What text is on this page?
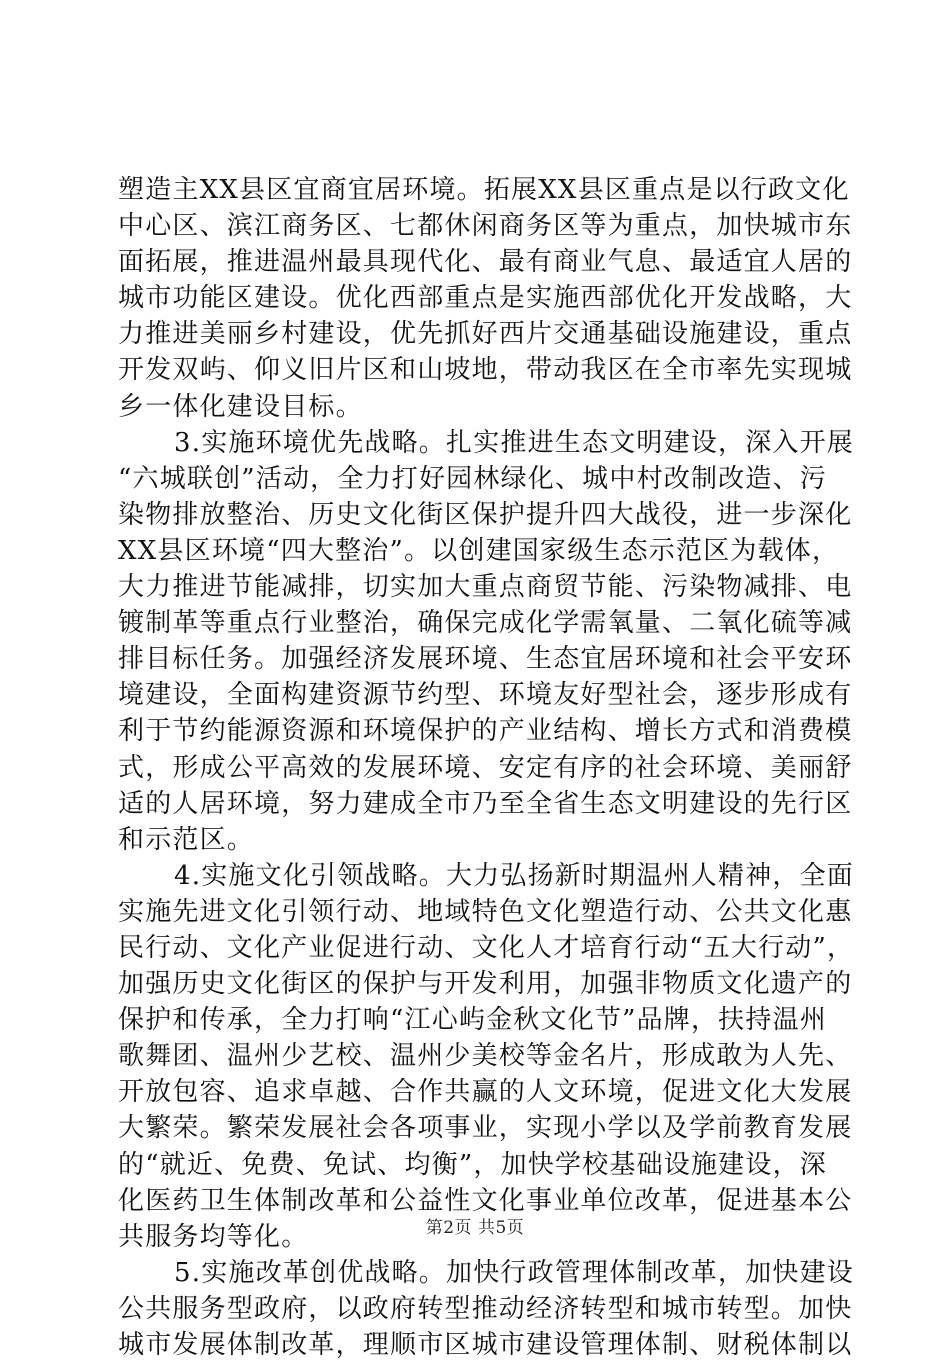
塑造主XX县区宜商宜居环境。拓展XX县区重点是以行政文化
中心区、滨江商务区、七都休闲商务区等为重点，加快城市东
面拓展，推进温州最具现代化、最有商业气息、最适宜人居的
城市功能区建设。优化西部重点是实施西部优化开发战略，大
力推进美丽乡村建设，优先抓好西片交通基础设施建设，重点
开发双屿、仰义旧片区和山坡地，带动我区在全市率先实现城
乡一体化建设目标。
3.实施环境优先战略。扎实推进生态文明建设，深入开展
“六城联创”活动，全力打好园林绿化、城中村改制改造、污
染物排放整治、历史文化街区保护提升四大战役，进一步深化
XX县区环境“四大整治”。以创建国家级生态示范区为载体，
大力推进节能减排，切实加大重点商贸节能、污染物减排、电
镀制革等重点行业整治，确保完成化学需氧量、二氧化硫等减
排目标任务。加强经济发展环境、生态宜居环境和社会平安环
境建设，全面构建资源节约型、环境友好型社会，逐步形成有
利于节约能源资源和环境保护的产业结构、增长方式和消费模
式，形成公平高效的发展环境、安定有序的社会环境、美丽舒
适的人居环境，努力建成全市乃至全省生态文明建设的先行区
和示范区。
4.实施文化引领战略。大力弘扬新时期温州人精神，全面
实施先进文化引领行动、地域特色文化塑造行动、公共文化惠
民行动、文化产业促进行动、文化人才培育行动“五大行动”，
加强历史文化街区的保护与开发利用，加强非物质文化遗产的
保护和传承，全力打响“江心屿金秋文化节”品牌，扶持温州
歌舞团、温州少艺校、温州少美校等金名片，形成敢为人先、
开放包容、追求卓越、合作共赢的人文环境，促进文化大发展
大繁荣。繁荣发展社会各项事业，实现小学以及学前教育发展
的“就近、免费、免试、均衡”，加快学校基础设施建设，深
化医药卫生体制改革和公益性文化事业单位改革，促进基本公
共服务均等化。
5.实施改革创优战略。加快行政管理体制改革，加快建设
公共服务型政府，以政府转型推动经济转型和城市转型。加快
城市发展体制改革，理顺市区城市建设管理体制、财税体制以
第2页 共5页
